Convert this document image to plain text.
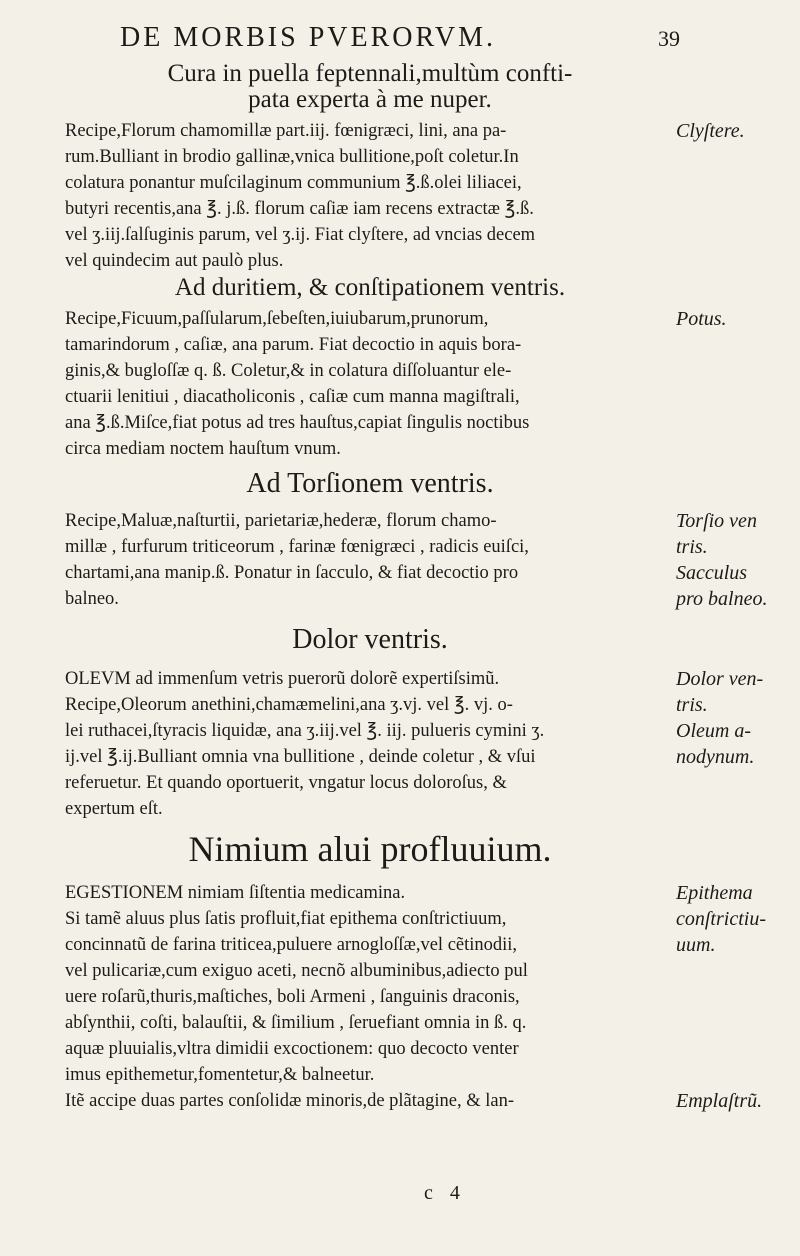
DE MORBIS PVERORVM.	39
Cura in puella feptennali,multùm confti-
pata experta à me nuper.
Recipe,Florum chamomillæ part.iij. fœnigræci, lini, ana pa-
rum.Bulliant in brodio gallinæ,vnica bullitione,poſt coletur.In
colatura ponantur muſcilaginum communium ℥.ß.olei liliacei,
butyri recentis,ana ℥. j.ß. florum caſiæ iam recens extractæ ℥.ß.
vel ʒ.iij.ſalſuginis parum, vel ʒ.ij. Fiat clyſtere, ad vncias decem
vel quindecim aut paulò plus.
Ad duritiem, & conſtipationem ventris.
Recipe,Ficuum,paſſularum,ſebeſten,iuiubarum,prunorum,
tamarindorum , caſiæ, ana parum. Fiat decoctio in aquis bora-
ginis,& bugloſſæ q. ß. Coletur,& in colatura diſſoluantur ele-
ctuarii lenitiui , diacatholiconis , caſiæ cum manna magiſtrali,
ana ℥.ß.Miſce,fiat potus ad tres hauſtus,capiat ſingulis noctibus
circa mediam noctem hauſtum vnum.
Ad Torſionem ventris.
Recipe,Maluæ,naſturtii, parietariæ,hederæ, florum chamo-
millæ , furfurum triticeorum , farinæ fœnigræci , radicis euiſci,
chartami,ana manip.ß. Ponatur in ſacculo, & fiat decoctio pro
balneo.
Dolor ventris.
OLEVM ad immenſum vetris puerorũ dolorẽ expertiſsimũ.
Recipe,Oleorum anethini,chamæmelini,ana ʒ.vj. vel ℥. vj. o-
lei ruthacei,ſtyracis liquidæ, ana ʒ.iij.vel ℥. iij. pulueris cymini ʒ.
ij.vel ℥.ij.Bulliant omnia vna bullitione , deinde coletur , & vſui
referuetur. Et quando oportuerit, vngatur locus doloroſus, &
expertum eſt.
Nimium alui profluuium.
EGESTIONEM nimiam ſiſtentia medicamina.
Si tamẽ aluus plus ſatis profluit,fiat epithema conſtrictiuum,
concinnatũ de farina triticea,puluere arnogloſſæ,vel cẽtinodii,
vel pulicariæ,cum exiguo aceti, necnõ albuminibus,adiecto pul
uere roſarũ,thuris,maſtiches, boli Armeni , ſanguinis draconis,
abſynthii, coſti, balauſtii, & ſimilium , ſeruefiant omnia in ß. q.
aquæ pluuialis,vltra dimidii excoctionem: quo decocto venter
imus epithemetur,fomentetur,& balneetur.
Itẽ accipe duas partes conſolidæ minoris,de plãtagine, & lan-
Clyſtere.
Potus.
Torſio ven
tris.
Sacculus
pro balneo.
Dolor ven-
tris.
Oleum a-
nodynum.
Epithema
conſtrictiu-
uum.
Emplaſtrũ.
c 4
